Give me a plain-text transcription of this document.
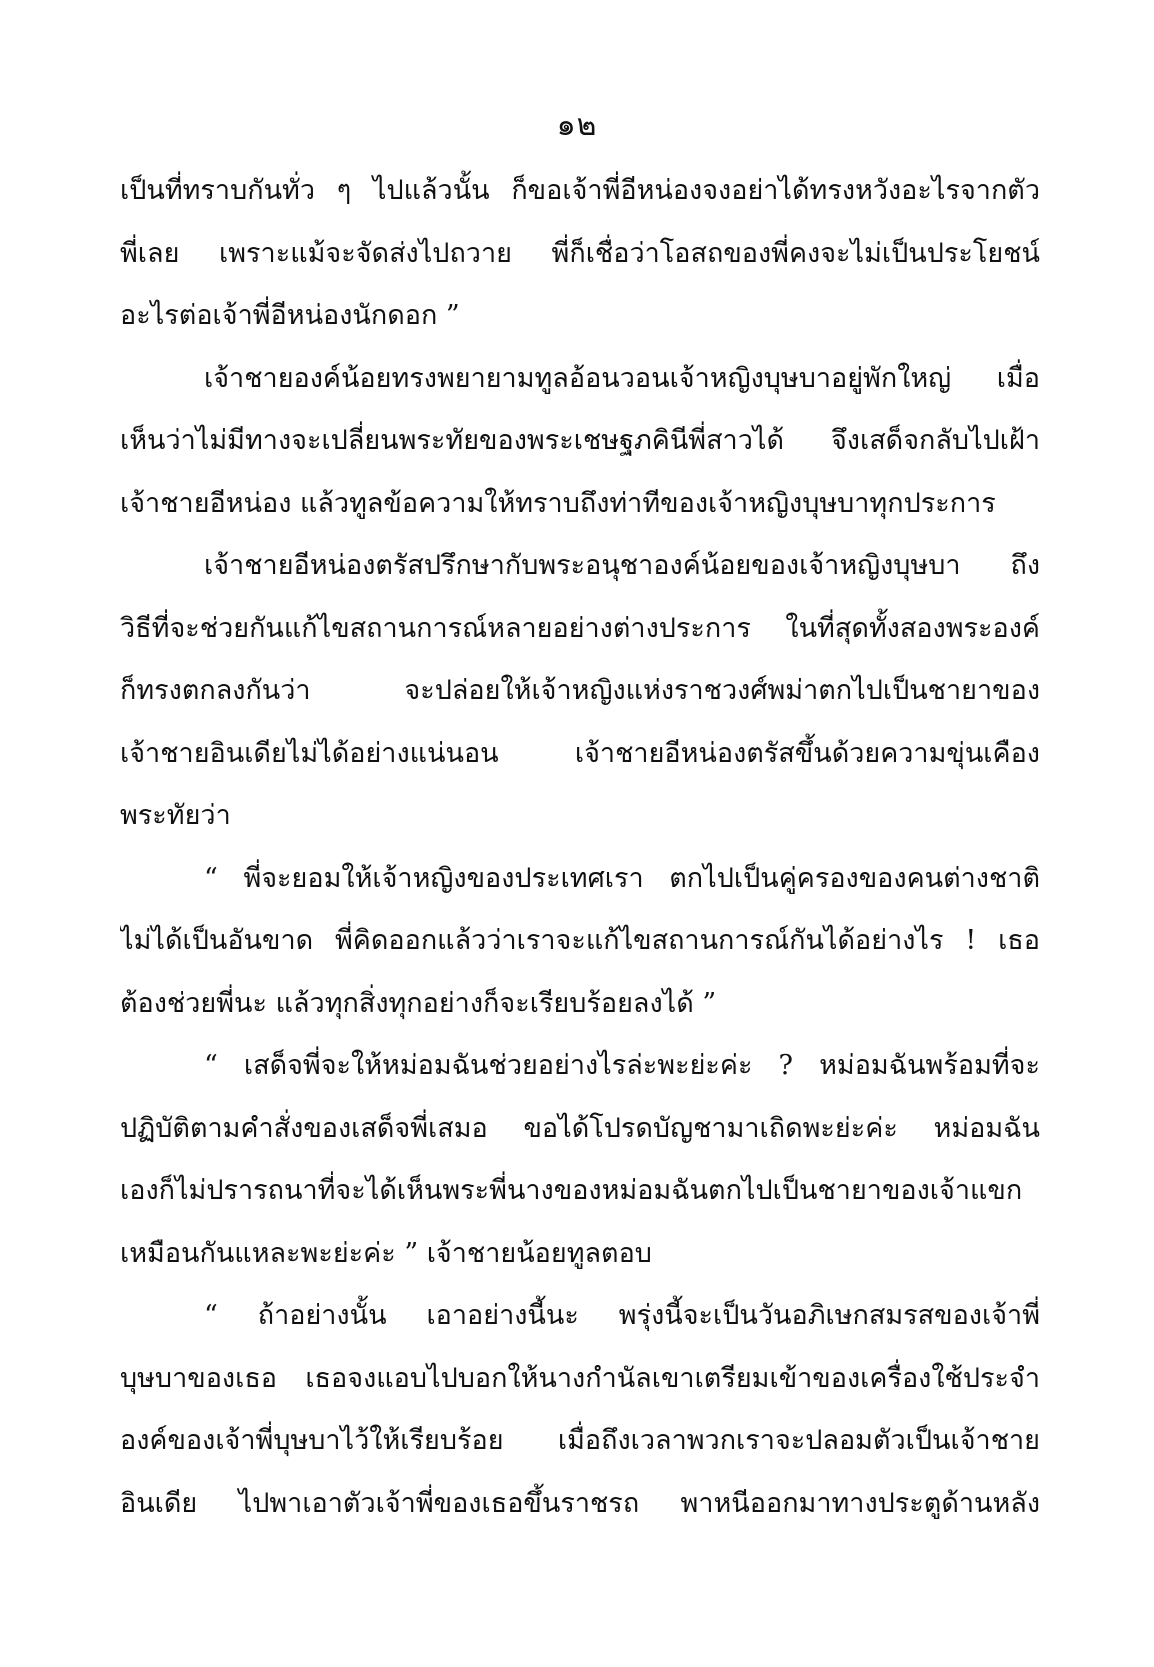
๑๒
เป็นที่ทราบกันทั่ว ๆ ไปแล้วนั้น ก็ขอเจ้าพี่อีหน่องจงอย่าได้ทรงหวังอะไรจากตัว
พี่เลย เพราะแม้จะจัดส่งไปถวาย พี่ก็เชื่อว่าโอสถของพี่คงจะไม่เป็นประโยชน์
อะไรต่อเจ้าพี่อีหน่องนักดอก ”
เจ้าชายองค์น้อยทรงพยายามทูลอ้อนวอนเจ้าหญิงบุษบาอยู่พักใหญ่ เมื่อ
เห็นว่าไม่มีทางจะเปลี่ยนพระทัยของพระเชษฐภคินีพี่สาวได้ จึงเสด็จกลับไปเฝ้า
เจ้าชายอีหน่อง แล้วทูลข้อความให้ทราบถึงท่าทีของเจ้าหญิงบุษบาทุกประการ
เจ้าชายอีหน่องตรัสปรึกษากับพระอนุชาองค์น้อยของเจ้าหญิงบุษบา ถึง
วิธีที่จะช่วยกันแก้ไขสถานการณ์หลายอย่างต่างประการ ในที่สุดทั้งสองพระองค์
ก็ทรงตกลงกันว่า จะปล่อยให้เจ้าหญิงแห่งราชวงศ์พม่าตกไปเป็นชายาของ
เจ้าชายอินเดียไม่ได้อย่างแน่นอน เจ้าชายอีหน่องตรัสขึ้นด้วยความขุ่นเคือง
พระทัยว่า
“ พี่จะยอมให้เจ้าหญิงของประเทศเรา ตกไปเป็นคู่ครองของคนต่างชาติ
ไม่ได้เป็นอันขาด พี่คิดออกแล้วว่าเราจะแก้ไขสถานการณ์กันได้อย่างไร ! เธอ
ต้องช่วยพี่นะ แล้วทุกสิ่งทุกอย่างก็จะเรียบร้อยลงได้ ”
“ เสด็จพี่จะให้หม่อมฉันช่วยอย่างไรล่ะพะย่ะค่ะ ? หม่อมฉันพร้อมที่จะ
ปฏิบัติตามคำสั่งของเสด็จพี่เสมอ ขอได้โปรดบัญชามาเถิดพะย่ะค่ะ หม่อมฉัน
เองก็ไม่ปรารถนาที่จะได้เห็นพระพี่นางของหม่อมฉันตกไปเป็นชายาของเจ้าแขก
เหมือนกันแหละพะย่ะค่ะ ” เจ้าชายน้อยทูลตอบ
“ ถ้าอย่างนั้น เอาอย่างนี้นะ พรุ่งนี้จะเป็นวันอภิเษกสมรสของเจ้าพี่
บุษบาของเธอ เธอจงแอบไปบอกให้นางกำนัลเขาเตรียมเข้าของเครื่องใช้ประจำ
องค์ของเจ้าพี่บุษบาไว้ให้เรียบร้อย เมื่อถึงเวลาพวกเราจะปลอมตัวเป็นเจ้าชาย
อินเดีย ไปพาเอาตัวเจ้าพี่ของเธอขึ้นราชรถ พาหนีออกมาทางประตูด้านหลัง
